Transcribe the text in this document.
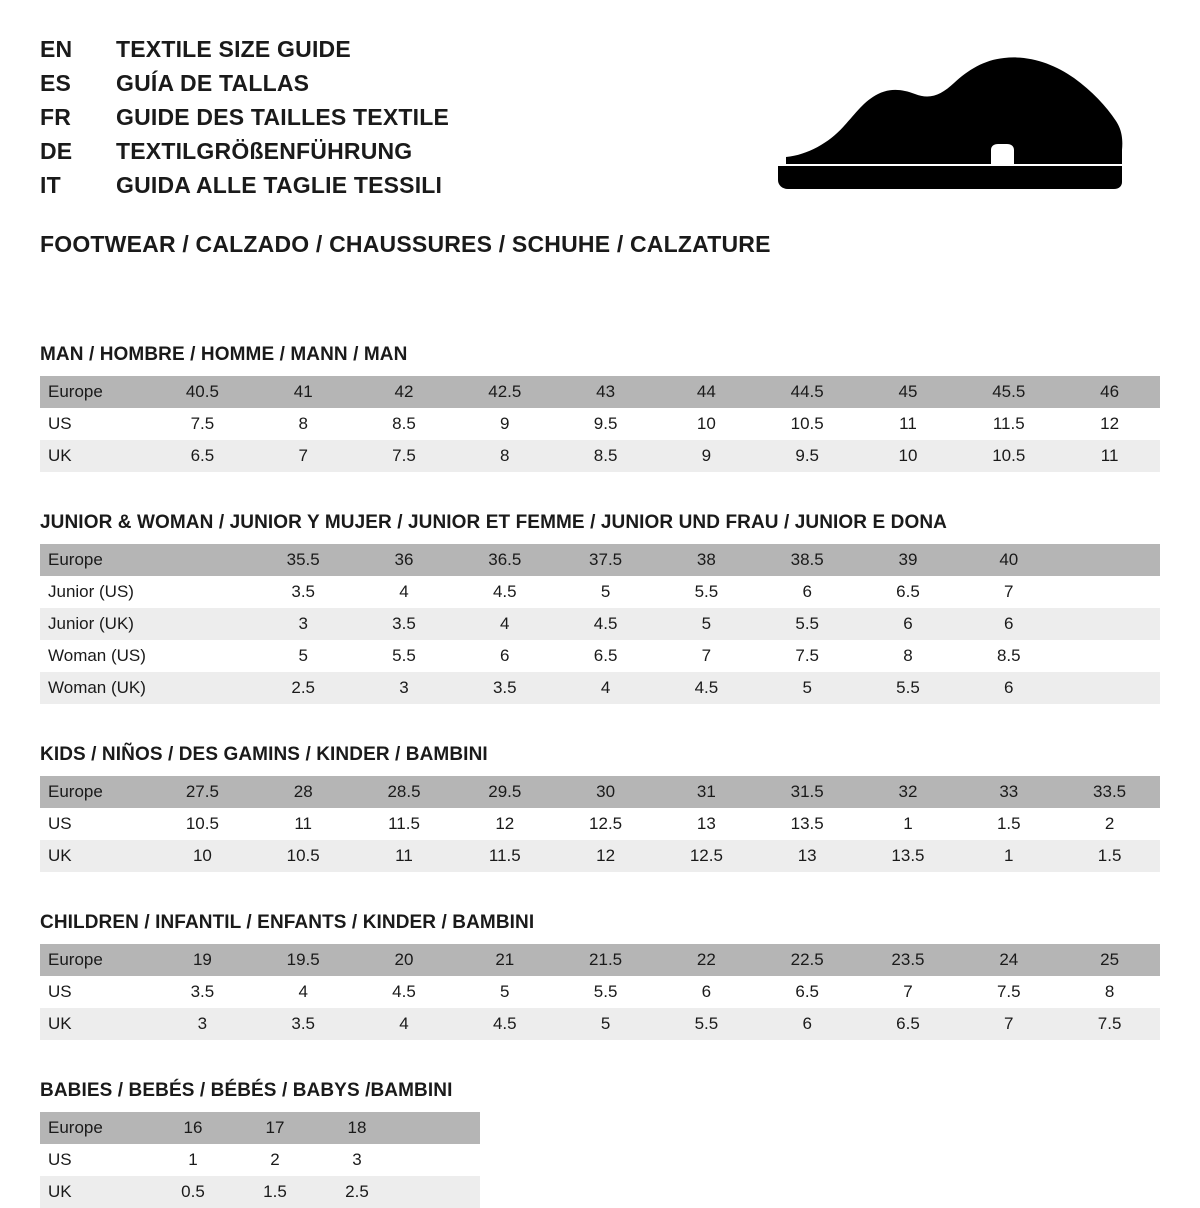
EN	TEXTILE SIZE GUIDE
ES	GUÍA DE TALLAS
FR	GUIDE DES TAILLES TEXTILE
DE	TEXTILGRÖßENFÜHRUNG
IT	GUIDA ALLE TAGLIE TESSILI
FOOTWEAR / CALZADO / CHAUSSURES / SCHUHE / CALZATURE
MAN / HOMBRE / HOMME / MANN / MAN
Europe	40.5	41	42	42.5	43	44	44.5	45	45.5	46
US	7.5	8	8.5	9	9.5	10	10.5	11	11.5	12
UK	6.5	7	7.5	8	8.5	9	9.5	10	10.5	11
JUNIOR & WOMAN / JUNIOR Y MUJER / JUNIOR ET FEMME / JUNIOR UND FRAU / JUNIOR E DONA
Europe		35.5	36	36.5	37.5	38	38.5	39	40	
Junior (US)		3.5	4	4.5	5	5.5	6	6.5	7	
Junior (UK)		3	3.5	4	4.5	5	5.5	6	6	
Woman (US)		5	5.5	6	6.5	7	7.5	8	8.5	
Woman (UK)		2.5	3	3.5	4	4.5	5	5.5	6	
KIDS / NIÑOS / DES GAMINS / KINDER / BAMBINI
Europe	27.5	28	28.5	29.5	30	31	31.5	32	33	33.5
US	10.5	11	11.5	12	12.5	13	13.5	1	1.5	2
UK	10	10.5	11	11.5	12	12.5	13	13.5	1	1.5
CHILDREN / INFANTIL / ENFANTS / KINDER / BAMBINI
Europe	19	19.5	20	21	21.5	22	22.5	23.5	24	25
US	3.5	4	4.5	5	5.5	6	6.5	7	7.5	8
UK	3	3.5	4	4.5	5	5.5	6	6.5	7	7.5
BABIES / BEBÉS / BÉBÉS / BABYS /BAMBINI
Europe	16	17	18	
US	1	2	3	
UK	0.5	1.5	2.5	
